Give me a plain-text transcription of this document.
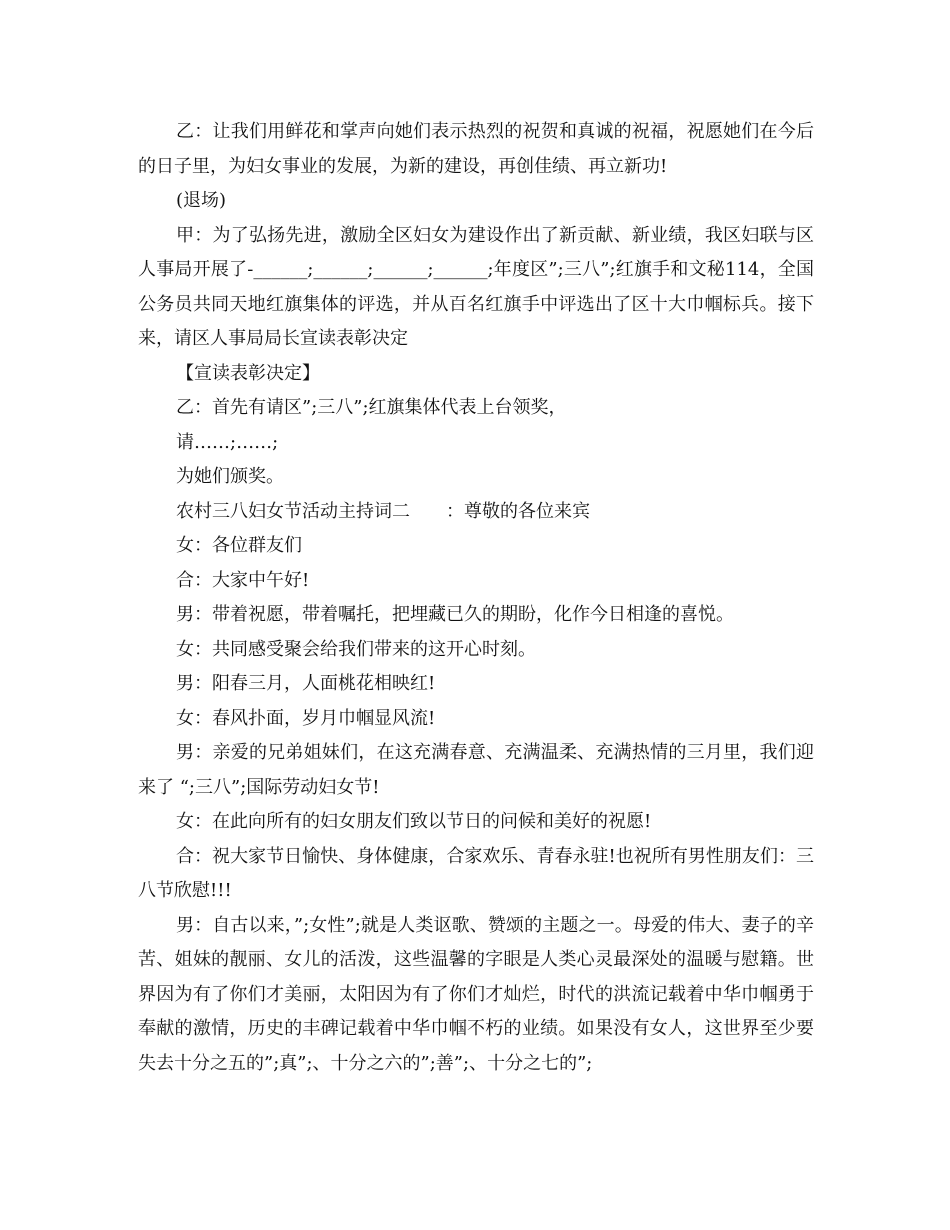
乙：让我们用鲜花和掌声向她们表示热烈的祝贺和真诚的祝福，祝愿她们在今后的日子里，为妇女事业的发展，为新的建设，再创佳绩、再立新功!

(退场)

甲：为了弘扬先进，激励全区妇女为建设作出了新贡献、新业绩，我区妇联与区人事局开展了-______;______;______;______;年度区”;三八”;红旗手和文秘114，全国公务员共同天地红旗集体的评选，并从百名红旗手中评选出了区十大巾帼标兵。接下来，请区人事局局长宣读表彰决定

【宣读表彰决定】

乙：首先有请区”;三八”;红旗集体代表上台领奖，

请……;……;

为她们颁奖。

农村三八妇女节活动主持词二　　：尊敬的各位来宾

女：各位群友们

合：大家中午好!

男：带着祝愿，带着嘱托，把埋藏已久的期盼，化作今日相逢的喜悦。

女：共同感受聚会给我们带来的这开心时刻。

男：阳春三月，人面桃花相映红!

女：春风扑面，岁月巾帼显风流!

男：亲爱的兄弟姐妹们，在这充满春意、充满温柔、充满热情的三月里，我们迎来了 “;三八”;国际劳动妇女节!

女：在此向所有的妇女朋友们致以节日的问候和美好的祝愿!

合：祝大家节日愉快、身体健康，合家欢乐、青春永驻!也祝所有男性朋友们：三八节欣慰!!!

男：自古以来，”;女性”;就是人类讴歌、赞颂的主题之一。母爱的伟大、妻子的辛苦、姐妹的靓丽、女儿的活泼，这些温馨的字眼是人类心灵最深处的温暖与慰籍。世界因为有了你们才美丽，太阳因为有了你们才灿烂，时代的洪流记载着中华巾帼勇于奉献的激情，历史的丰碑记载着中华巾帼不朽的业绩。如果没有女人，这世界至少要失去十分之五的”;真”;、十分之六的”;善”;、十分之七的”;
